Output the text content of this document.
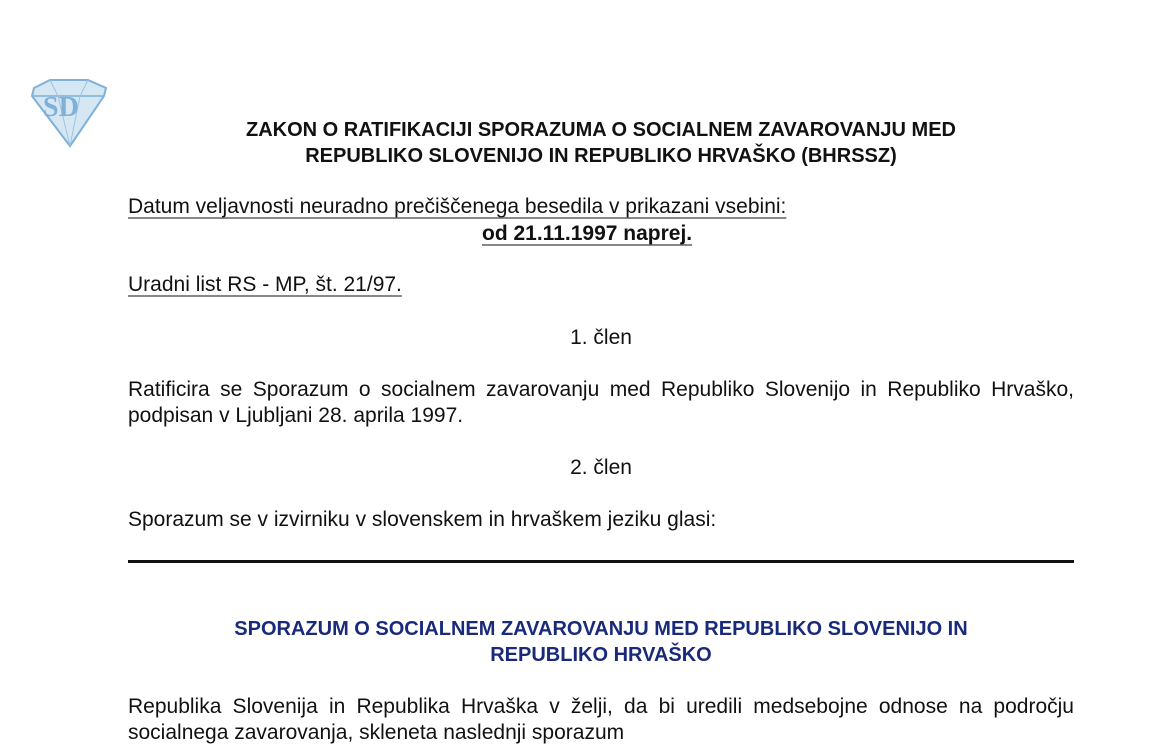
SD
ZAKON O RATIFIKACIJI SPORAZUMA O SOCIALNEM ZAVAROVANJU MED
REPUBLIKO SLOVENIJO IN REPUBLIKO HRVAŠKO (BHRSSZ)

Datum veljavnosti neuradno prečiščenega besedila v prikazani vsebini:

od 21.11.1997 naprej.

Uradni list RS - MP, št. 21/97.

1. člen

Ratificira se Sporazum o socialnem zavarovanju med Republiko Slovenijo in Republiko Hrvaško, podpisan v Ljubljani 28. aprila 1997.

2. člen

Sporazum se v izvirniku v slovenskem in hrvaškem jeziku glasi:

SPORAZUM O SOCIALNEM ZAVAROVANJU MED REPUBLIKO SLOVENIJO IN
REPUBLIKO HRVAŠKO

Republika Slovenija in Republika Hrvaška v želji, da bi uredili medsebojne odnose na področju socialnega zavarovanja, skleneta naslednji sporazum
